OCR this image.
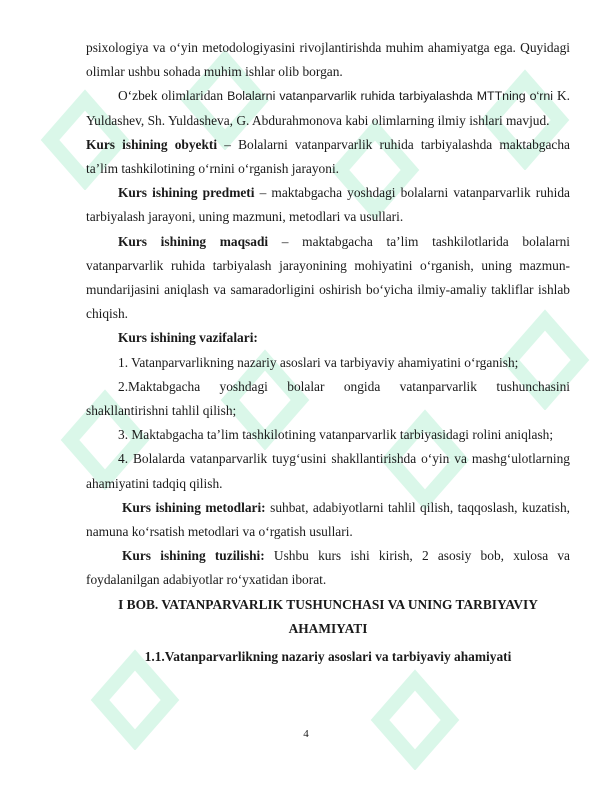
psixologiya va o‘yin metodologiyasini rivojlantirishda muhim ahamiyatga ega. Quyidagi olimlar ushbu sohada muhim ishlar olib borgan.

O‘zbek olimlaridan Bolalarni vatanparvarlik ruhida tarbiyalashda MTTning o‘rni K. Yuldashev, Sh. Yuldasheva, G. Abdurahmonova kabi olimlarning ilmiy ishlari mavjud.

Kurs ishining obyekti – Bolalarni vatanparvarlik ruhida tarbiyalashda maktabgacha ta’lim tashkilotining o‘rnini o‘rganish jarayoni.

Kurs ishining predmeti – maktabgacha yoshdagi bolalarni vatanparvarlik ruhida tarbiyalash jarayoni, uning mazmuni, metodlari va usullari.

Kurs ishining maqsadi – maktabgacha ta’lim tashkilotlarida bolalarni vatanparvarlik ruhida tarbiyalash jarayonining mohiyatini o‘rganish, uning mazmun-mundarijasini aniqlash va samaradorligini oshirish bo‘yicha ilmiy-amaliy takliflar ishlab chiqish.

Kurs ishining vazifalari:

1. Vatanparvarlikning nazariy asoslari va tarbiyaviy ahamiyatini o‘rganish;

2.Maktabgacha yoshdagi bolalar ongida vatanparvarlik tushunchasini shakllantirishni tahlil qilish;

3. Maktabgacha ta’lim tashkilotining vatanparvarlik tarbiyasidagi rolini aniqlash;

4. Bolalarda vatanparvarlik tuyg‘usini shakllantirishda o‘yin va mashg‘ulotlarning ahamiyatini tadqiq qilish.

Kurs ishining metodlari: suhbat, adabiyotlarni tahlil qilish, taqqoslash, kuzatish, namuna ko‘rsatish metodlari va o‘rgatish usullari.

Kurs ishining tuzilishi: Ushbu kurs ishi kirish, 2 asosiy bob, xulosa va foydalanilgan adabiyotlar ro‘yxatidan iborat.

I BOB. VATANPARVARLIK TUSHUNCHASI VA UNING TARBIYAVIY AHAMIYATI

1.1.Vatanparvarlikning nazariy asoslari va tarbiyaviy ahamiyati

4
